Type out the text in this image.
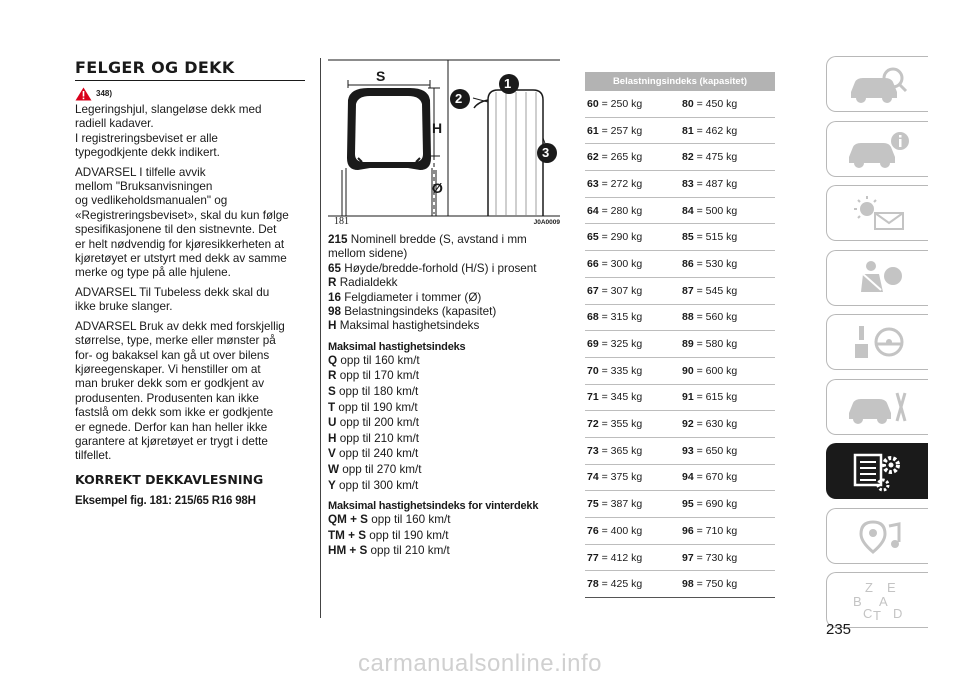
FELGER OG DEKK
348)

Legeringshjul, slangeløse dekk med
radiell kadaver.
I registreringsbeviset er alle
typegodkjente dekk indikert.

ADVARSEL I tilfelle avvik
mellom "Bruksanvisningen
og vedlikeholdsmanualen" og
«Registreringsbeviset», skal du kun følge
spesifikasjonene til den sistnevnte. Det
er helt nødvendig for kjøresikkerheten at
kjøretøyet er utstyrt med dekk av samme
merke og type på alle hjulene.

ADVARSEL Til Tubeless dekk skal du
ikke bruke slanger.

ADVARSEL Bruk av dekk med forskjellig
størrelse, type, merke eller mønster på
for- og bakaksel kan gå ut over bilens
kjøreegenskaper. Vi henstiller om at
man bruker dekk som er godkjent av
produsenten. Produsenten kan ikke
fastslå om dekk som ikke er godkjente
er egnede. Derfor kan han heller ikke
garantere at kjøretøyet er trygt i dette
tilfellet.

KORREKT DEKKAVLESNING
Eksempel fig. 181: 215/65 R16 98H
S
H
Ø
1
2
3
181	J0A0009
215 Nominell bredde (S, avstand i mm mellom sidene)
65 Høyde/bredde-forhold (H/S) i prosent
R Radialdekk
16 Felgdiameter i tommer (Ø)
98 Belastningsindeks (kapasitet)
H Maksimal hastighetsindeks
Maksimal hastighetsindeks
Q opp til 160 km/t
R opp til 170 km/t
S opp til 180 km/t
T opp til 190 km/t
U opp til 200 km/t
H opp til 210 km/t
V opp til 240 km/t
W opp til 270 km/t
Y opp til 300 km/t
Maksimal hastighetsindeks for vinterdekk
QM + S opp til 160 km/t
TM + S opp til 190 km/t
HM + S opp til 210 km/t
Belastningsindeks (kapasitet)
60 = 250 kg	80 = 450 kg
61 = 257 kg	81 = 462 kg
62 = 265 kg	82 = 475 kg
63 = 272 kg	83 = 487 kg
64 = 280 kg	84 = 500 kg
65 = 290 kg	85 = 515 kg
66 = 300 kg	86 = 530 kg
67 = 307 kg	87 = 545 kg
68 = 315 kg	88 = 560 kg
69 = 325 kg	89 = 580 kg
70 = 335 kg	90 = 600 kg
71 = 345 kg	91 = 615 kg
72 = 355 kg	92 = 630 kg
73 = 365 kg	93 = 650 kg
74 = 375 kg	94 = 670 kg
75 = 387 kg	95 = 690 kg
76 = 400 kg	96 = 710 kg
77 = 412 kg	97 = 730 kg
78 = 425 kg	98 = 750 kg	Z E
B A
C T D
235
carmanualsonline.info
